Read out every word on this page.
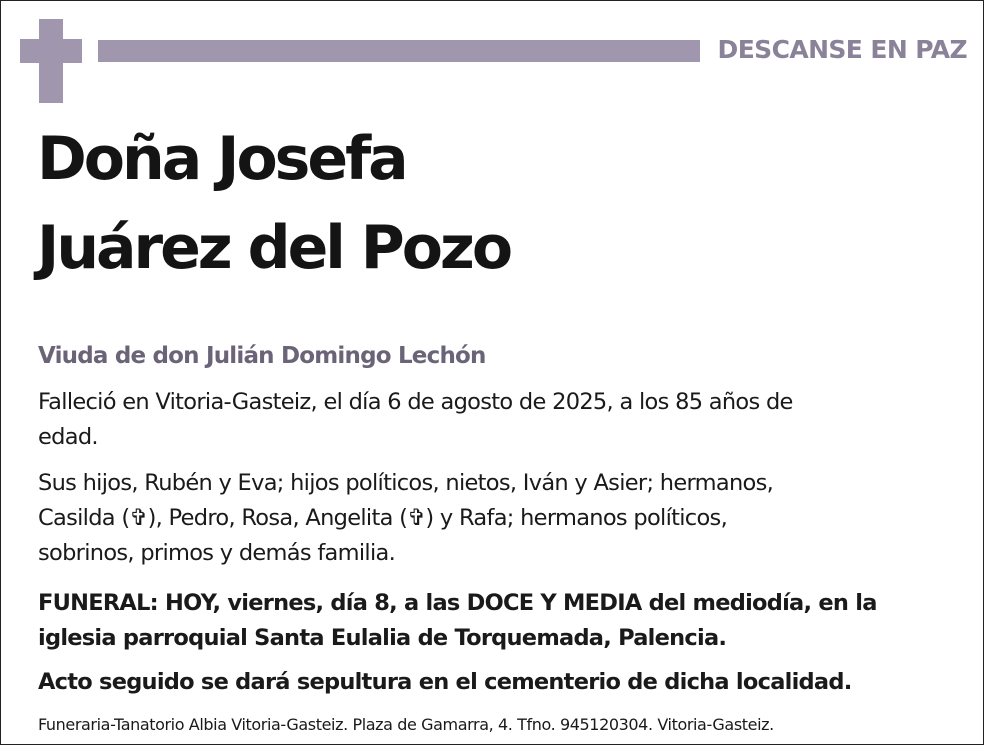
DESCANSE EN PAZ
Doña Josefa
Juárez del Pozo
Viuda de don Julián Domingo Lechón
Falleció en Vitoria-Gasteiz, el día 6 de agosto de 2025, a los 85 años de
edad.
Sus hijos, Rubén y Eva; hijos políticos, nietos, Iván y Asier; hermanos,
Casilda (✞), Pedro, Rosa, Angelita (✞) y Rafa; hermanos políticos,
sobrinos, primos y demás familia.
FUNERAL: HOY, viernes, día 8, a las DOCE Y MEDIA del mediodía, en la
iglesia parroquial Santa Eulalia de Torquemada, Palencia.
Acto seguido se dará sepultura en el cementerio de dicha localidad.
Funeraria-Tanatorio Albia Vitoria-Gasteiz. Plaza de Gamarra, 4. Tfno. 945120304. Vitoria-Gasteiz.
